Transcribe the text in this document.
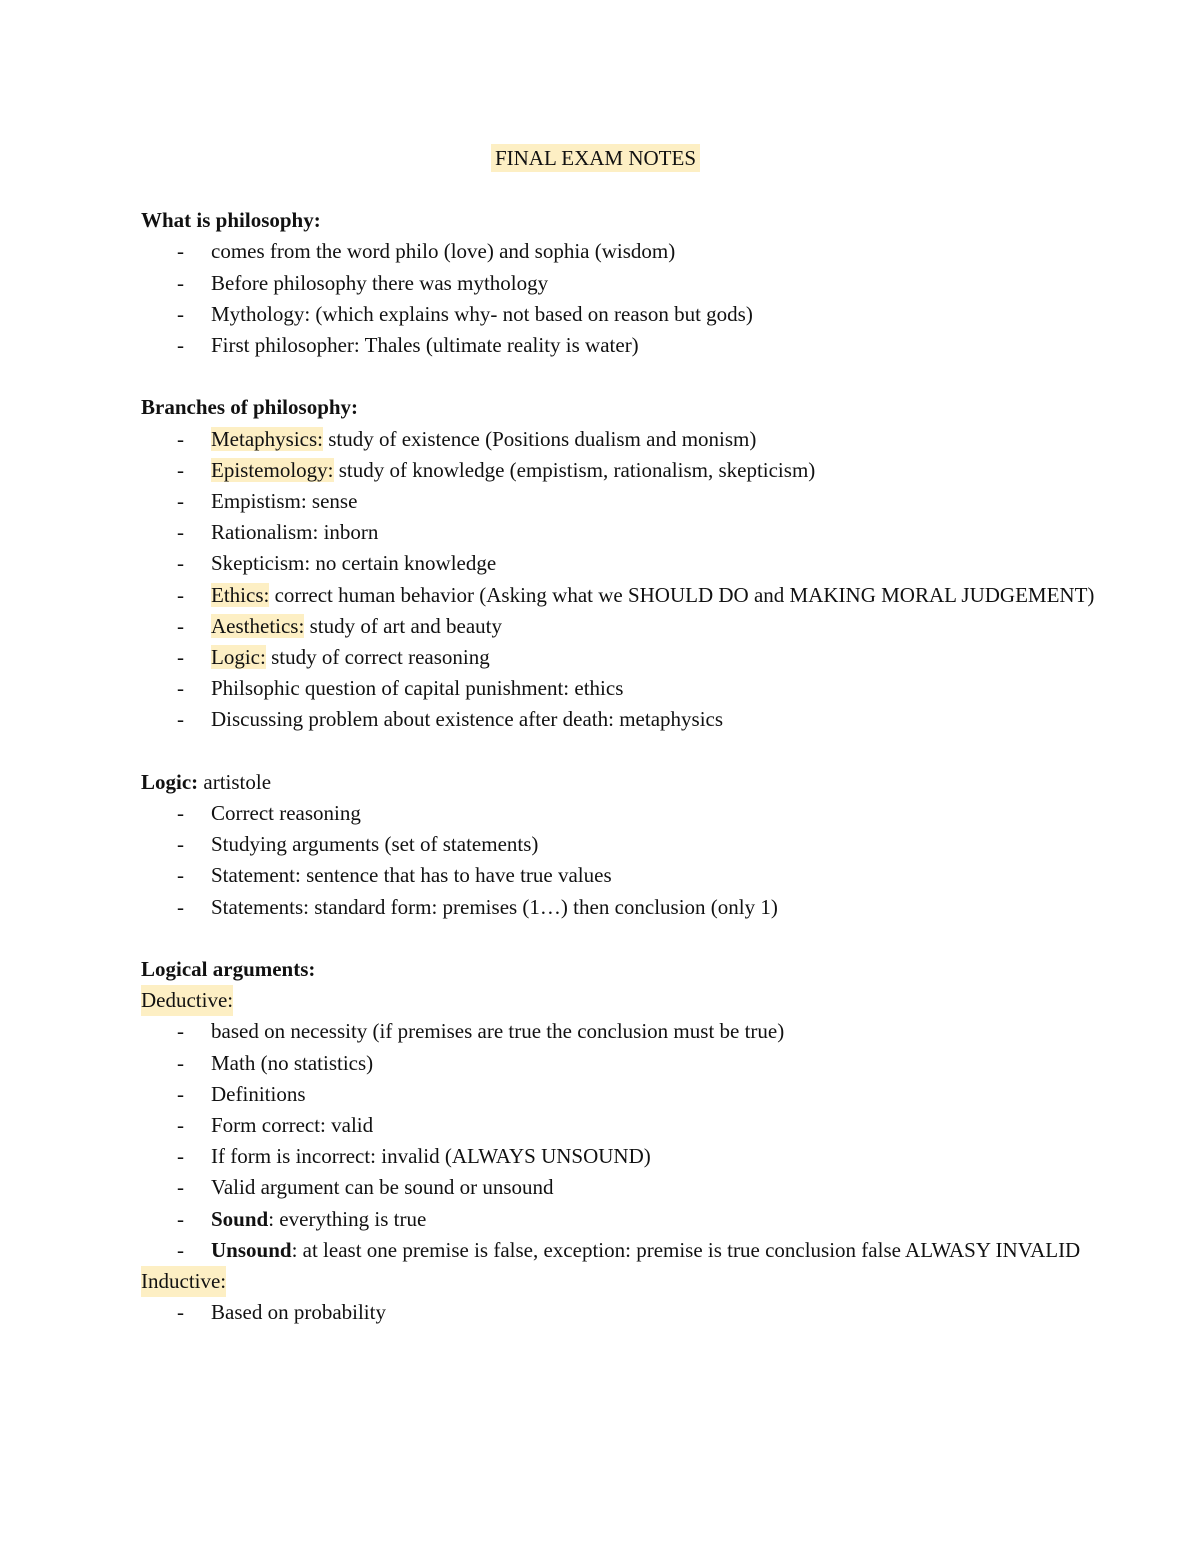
FINAL EXAM NOTES
What is philosophy:
- comes from the word philo (love) and sophia (wisdom)
- Before philosophy there was mythology
- Mythology: (which explains why- not based on reason but gods)
- First philosopher: Thales (ultimate reality is water)
Branches of philosophy:
- Metaphysics: study of existence (Positions dualism and monism)
- Epistemology: study of knowledge (empistism, rationalism, skepticism)
- Empistism: sense
- Rationalism: inborn
- Skepticism: no certain knowledge
- Ethics: correct human behavior (Asking what we SHOULD DO and MAKING MORAL JUDGEMENT)
- Aesthetics: study of art and beauty
- Logic: study of correct reasoning
- Philsophic question of capital punishment: ethics
- Discussing problem about existence after death: metaphysics
Logic: artistole
- Correct reasoning
- Studying arguments (set of statements)
- Statement: sentence that has to have true values
- Statements: standard form: premises (1…) then conclusion (only 1)
Logical arguments:
Deductive:
- based on necessity (if premises are true the conclusion must be true)
- Math (no statistics)
- Definitions
- Form correct: valid
- If form is incorrect: invalid (ALWAYS UNSOUND)
- Valid argument can be sound or unsound
- Sound: everything is true
- Unsound: at least one premise is false, exception: premise is true conclusion false ALWASY INVALID
Inductive:
- Based on probability
